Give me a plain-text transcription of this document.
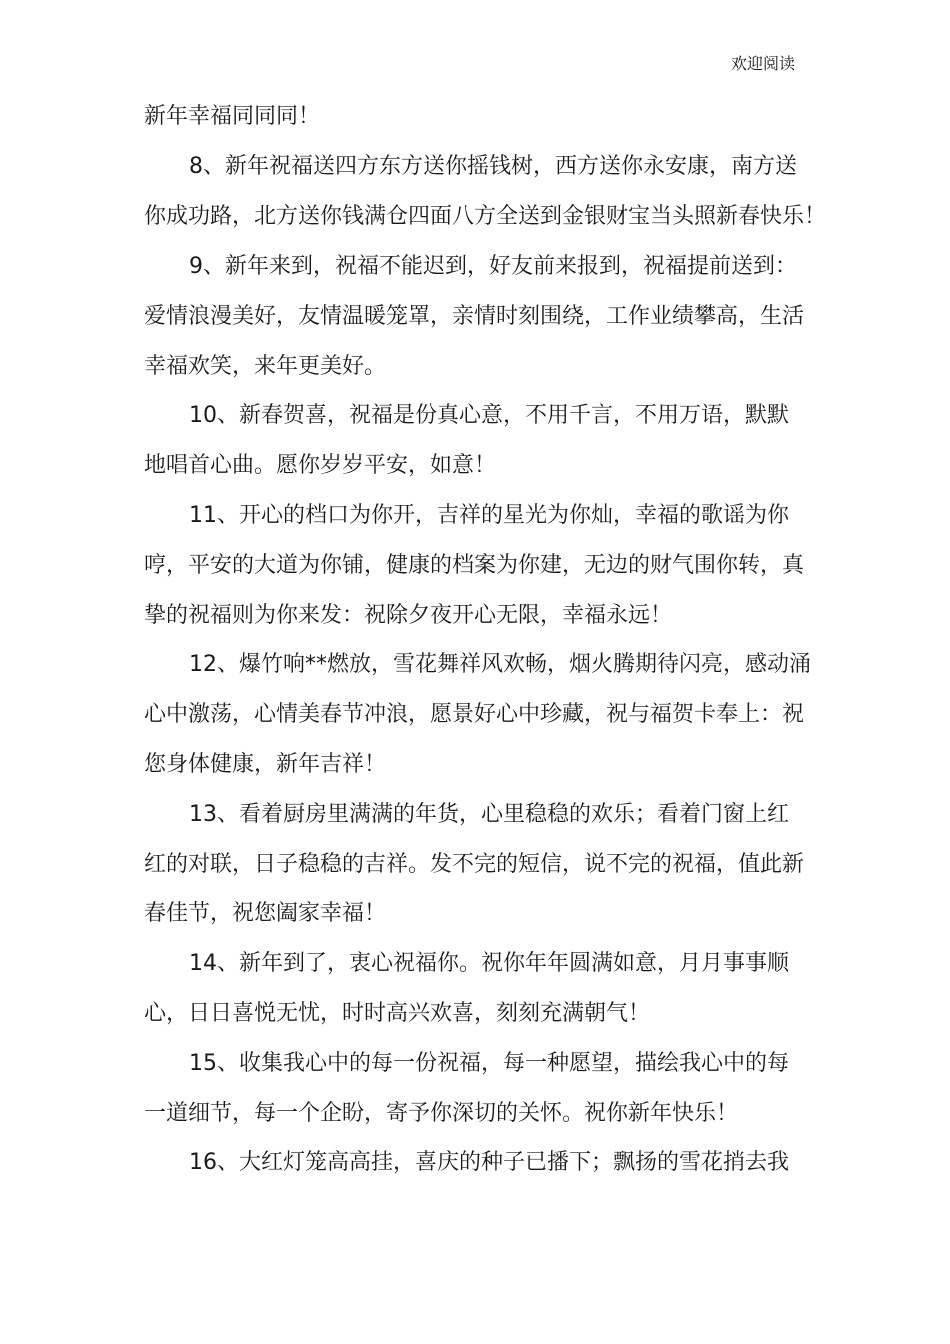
欢迎阅读
新年幸福同同同！
8、新年祝福送四方东方送你摇钱树，西方送你永安康，南方送
你成功路，北方送你钱满仓四面八方全送到金银财宝当头照新春快乐！
9、新年来到，祝福不能迟到，好友前来报到，祝福提前送到：
爱情浪漫美好，友情温暖笼罩，亲情时刻围绕，工作业绩攀高，生活
幸福欢笑，来年更美好。
10、新春贺喜，祝福是份真心意，不用千言，不用万语，默默
地唱首心曲。愿你岁岁平安，如意！
11、开心的档口为你开，吉祥的星光为你灿，幸福的歌谣为你
哼，平安的大道为你铺，健康的档案为你建，无边的财气围你转，真
挚的祝福则为你来发：祝除夕夜开心无限，幸福永远！
12、爆竹响**燃放，雪花舞祥风欢畅，烟火腾期待闪亮，感动涌
心中激荡，心情美春节冲浪，愿景好心中珍藏，祝与福贺卡奉上：祝
您身体健康，新年吉祥！
13、看着厨房里满满的年货，心里稳稳的欢乐；看着门窗上红
红的对联，日子稳稳的吉祥。发不完的短信，说不完的祝福，值此新
春佳节，祝您阖家幸福！
14、新年到了，衷心祝福你。祝你年年圆满如意，月月事事顺
心，日日喜悦无忧，时时高兴欢喜，刻刻充满朝气！
15、收集我心中的每一份祝福，每一种愿望，描绘我心中的每
一道细节，每一个企盼，寄予你深切的关怀。祝你新年快乐！
16、大红灯笼高高挂，喜庆的种子已播下；飘扬的雪花捎去我
